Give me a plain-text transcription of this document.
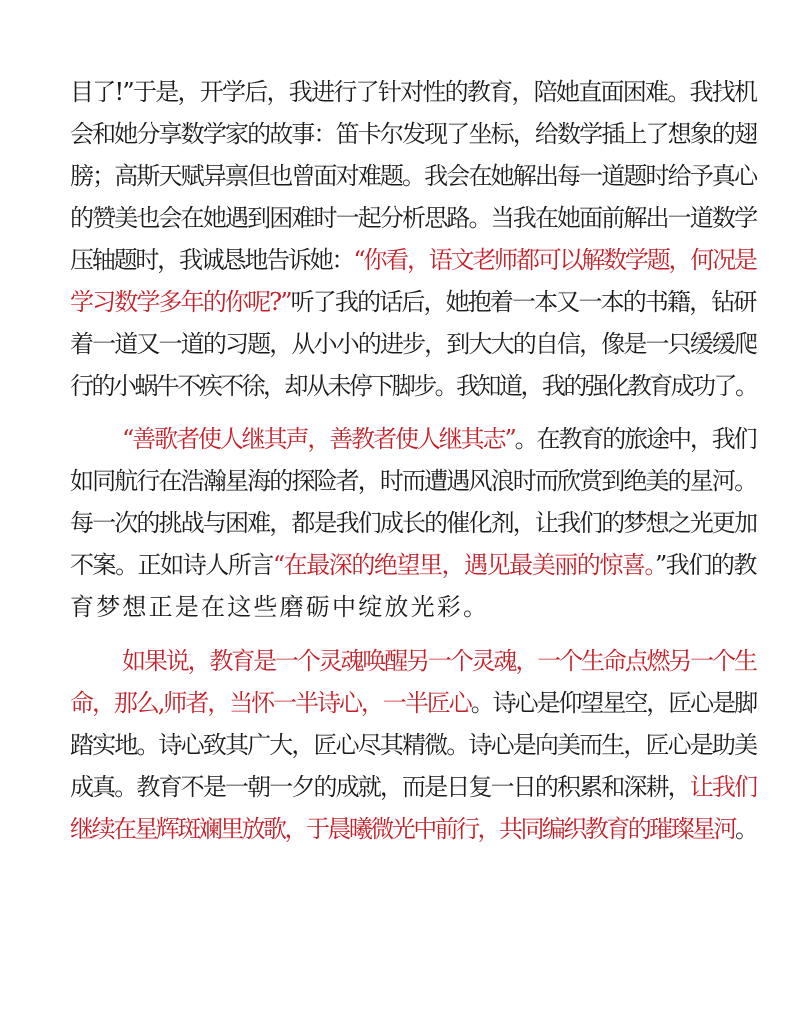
目了!”于是，开学后，我进行了针对性的教育，陪她直面困难。我找机
会和她分享数学家的故事：笛卡尔发现了坐标，给数学插上了想象的翅
膀；高斯天赋异禀但也曾面对难题。我会在她解出每一道题时给予真心
的赞美也会在她遇到困难时一起分析思路。当我在她面前解出一道数学
压轴题时，我诚恳地告诉她：“你看，语文老师都可以解数学题，何况是
学习数学多年的你呢?”听了我的话后，她抱着一本又一本的书籍，钻研
着一道又一道的习题，从小小的进步，到大大的自信，像是一只缓缓爬
行的小蜗牛不疾不徐，却从未停下脚步。我知道，我的强化教育成功了。
“善歌者使人继其声，善教者使人继其志”。在教育的旅途中，我们
如同航行在浩瀚星海的探险者，时而遭遇风浪时而欣赏到绝美的星河。
每一次的挑战与困难，都是我们成长的催化剂，让我们的梦想之光更加
不案。正如诗人所言“在最深的绝望里，遇见最美丽的惊喜。”我们的教
育梦想正是在这些磨砺中绽放光彩。
如果说，教育是一个灵魂唤醒另一个灵魂，一个生命点燃另一个生
命，那么,师者，当怀一半诗心，一半匠心。诗心是仰望星空，匠心是脚
踏实地。诗心致其广大，匠心尽其精微。诗心是向美而生，匠心是助美
成真。教育不是一朝一夕的成就，而是日复一日的积累和深耕，让我们
继续在星辉斑斓里放歌，于晨曦微光中前行，共同编织教育的璀璨星河。
